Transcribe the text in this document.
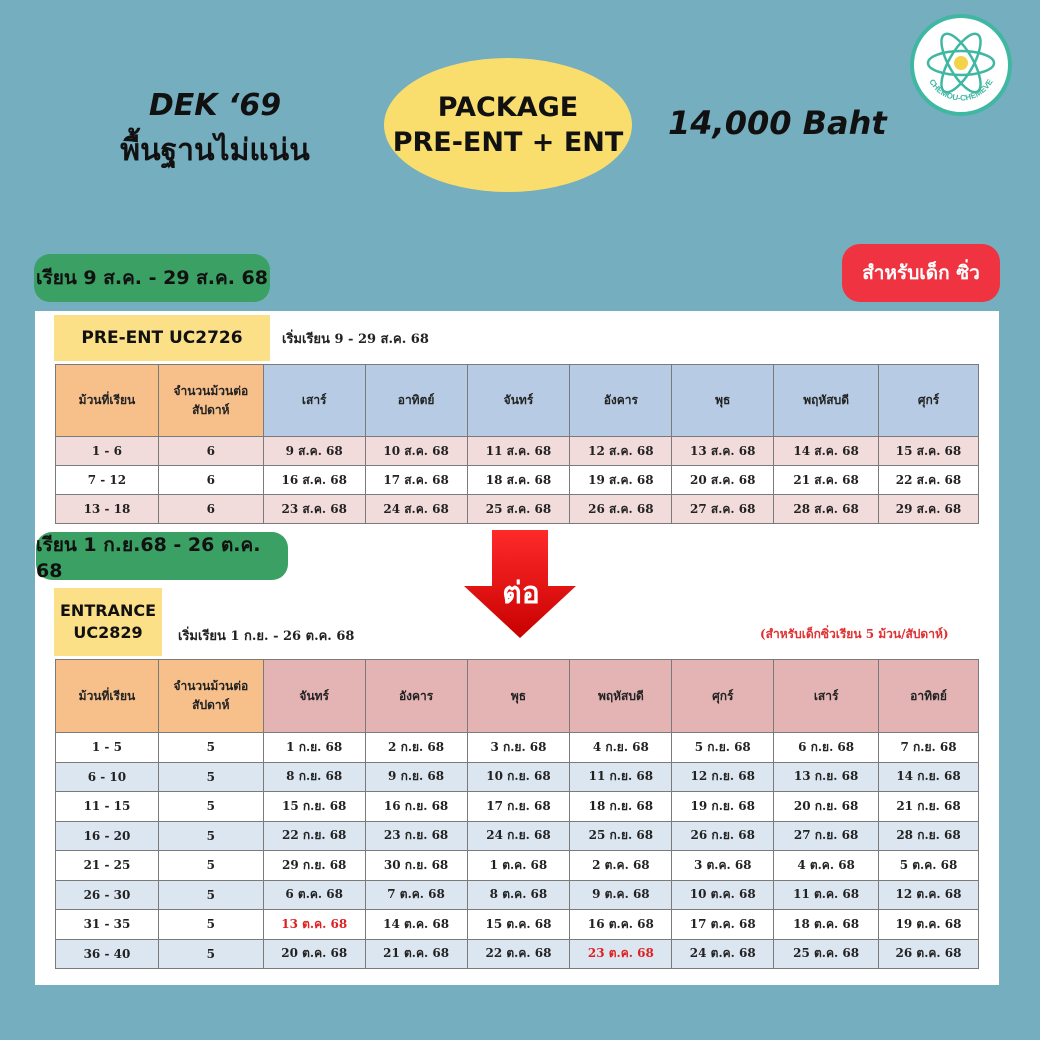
DEK ‘69
พื้นฐานไม่แน่น
PACKAGE
PRE-ENT + ENT
14,000 Baht
CHEMOU-CHEMEVE
เรียน 9 ส.ค. - 29 ส.ค. 68	สำหรับเด็ก ซิ่ว
PRE-ENT UC2726	เริ่มเรียน 9 - 29 ส.ค. 68
ม้วนที่เรียน	จำนวนม้วนต่อสัปดาห์	เสาร์	อาทิตย์	จันทร์	อังคาร	พุธ	พฤหัสบดี	ศุกร์
1 - 6	6	9 ส.ค. 68	10 ส.ค. 68	11 ส.ค. 68	12 ส.ค. 68	13 ส.ค. 68	14 ส.ค. 68	15 ส.ค. 68
7 - 12	6	16 ส.ค. 68	17 ส.ค. 68	18 ส.ค. 68	19 ส.ค. 68	20 ส.ค. 68	21 ส.ค. 68	22 ส.ค. 68
13 - 18	6	23 ส.ค. 68	24 ส.ค. 68	25 ส.ค. 68	26 ส.ค. 68	27 ส.ค. 68	28 ส.ค. 68	29 ส.ค. 68
เรียน 1 ก.ย.68 - 26 ต.ค. 68
ต่อ
ENTRANCE UC2829	เริ่มเรียน 1 ก.ย. - 26 ต.ค. 68	(สำหรับเด็กซิ่วเรียน 5 ม้วน/สัปดาห์)
ม้วนที่เรียน	จำนวนม้วนต่อสัปดาห์	จันทร์	อังคาร	พุธ	พฤหัสบดี	ศุกร์	เสาร์	อาทิตย์
1 - 5	5	1 ก.ย. 68	2 ก.ย. 68	3 ก.ย. 68	4 ก.ย. 68	5 ก.ย. 68	6 ก.ย. 68	7 ก.ย. 68
6 - 10	5	8 ก.ย. 68	9 ก.ย. 68	10 ก.ย. 68	11 ก.ย. 68	12 ก.ย. 68	13 ก.ย. 68	14 ก.ย. 68
11 - 15	5	15 ก.ย. 68	16 ก.ย. 68	17 ก.ย. 68	18 ก.ย. 68	19 ก.ย. 68	20 ก.ย. 68	21 ก.ย. 68
16 - 20	5	22 ก.ย. 68	23 ก.ย. 68	24 ก.ย. 68	25 ก.ย. 68	26 ก.ย. 68	27 ก.ย. 68	28 ก.ย. 68
21 - 25	5	29 ก.ย. 68	30 ก.ย. 68	1 ต.ค. 68	2 ต.ค. 68	3 ต.ค. 68	4 ต.ค. 68	5 ต.ค. 68
26 - 30	5	6 ต.ค. 68	7 ต.ค. 68	8 ต.ค. 68	9 ต.ค. 68	10 ต.ค. 68	11 ต.ค. 68	12 ต.ค. 68
31 - 35	5	13 ต.ค. 68	14 ต.ค. 68	15 ต.ค. 68	16 ต.ค. 68	17 ต.ค. 68	18 ต.ค. 68	19 ต.ค. 68
36 - 40	5	20 ต.ค. 68	21 ต.ค. 68	22 ต.ค. 68	23 ต.ค. 68	24 ต.ค. 68	25 ต.ค. 68	26 ต.ค. 68
